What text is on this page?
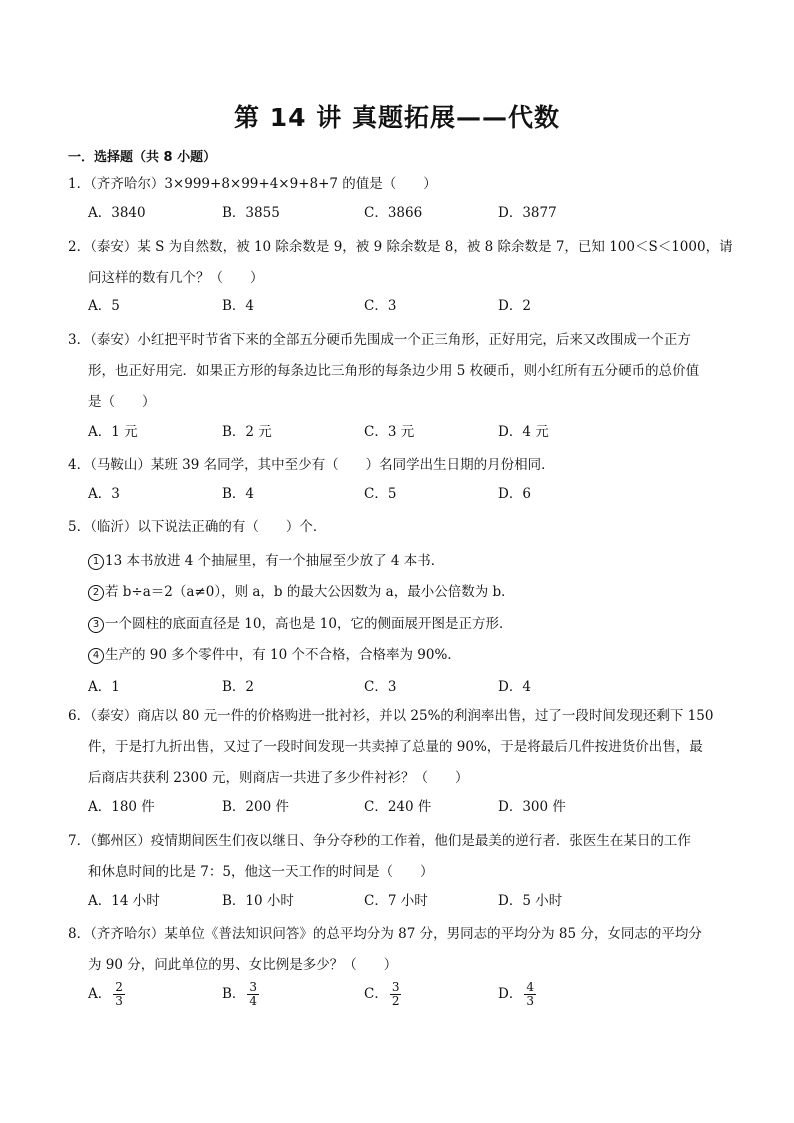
第 14 讲 真题拓展——代数
一．选择题（共 8 小题）
1．（齐齐哈尔）3×999+8×99+4×9+8+7 的值是（　　）
A．3840	B．3855	C．3866	D．3877
2．（泰安）某 S 为自然数，被 10 除余数是 9，被 9 除余数是 8，被 8 除余数是 7，已知 100＜S＜1000，请
问这样的数有几个？（　　）
A．5	B．4	C．3	D．2
3．（泰安）小红把平时节省下来的全部五分硬币先围成一个正三角形，正好用完，后来又改围成一个正方
形，也正好用完．如果正方形的每条边比三角形的每条边少用 5 枚硬币，则小红所有五分硬币的总价值
是（　　）
A．1 元	B．2 元	C．3 元	D．4 元
4．（马鞍山）某班 39 名同学，其中至少有（　　）名同学出生日期的月份相同．
A．3	B．4	C．5	D．6
5．（临沂）以下说法正确的有（　　）个．
1 13 本书放进 4 个抽屉里，有一个抽屉至少放了 4 本书．
2 若 b÷a＝2（a≠0），则 a，b 的最大公因数为 a，最小公倍数为 b．
3 一个圆柱的底面直径是 10，高也是 10，它的侧面展开图是正方形．
4 生产的 90 多个零件中，有 10 个不合格，合格率为 90%．
A．1	B．2	C．3	D．4
6．（泰安）商店以 80 元一件的价格购进一批衬衫，并以 25%的利润率出售，过了一段时间发现还剩下 150
件，于是打九折出售，又过了一段时间发现一共卖掉了总量的 90%，于是将最后几件按进货价出售，最
后商店共获利 2300 元，则商店一共进了多少件衬衫？（　　）
A．180 件	B．200 件	C．240 件	D．300 件
7．（鄞州区）疫情期间医生们夜以继日、争分夺秒的工作着，他们是最美的逆行者．张医生在某日的工作
和休息时间的比是 7：5，他这一天工作的时间是（　　）
A．14 小时	B．10 小时	C．7 小时	D．5 小时
8．（齐齐哈尔）某单位《普法知识问答》的总平均分为 87 分，男同志的平均分为 85 分，女同志的平均分
为 90 分，问此单位的男、女比例是多少？（　　）
A． $\frac{2}{3}$	B． $\frac{3}{4}$	C． $\frac{3}{2}$	D． $\frac{4}{3}$
